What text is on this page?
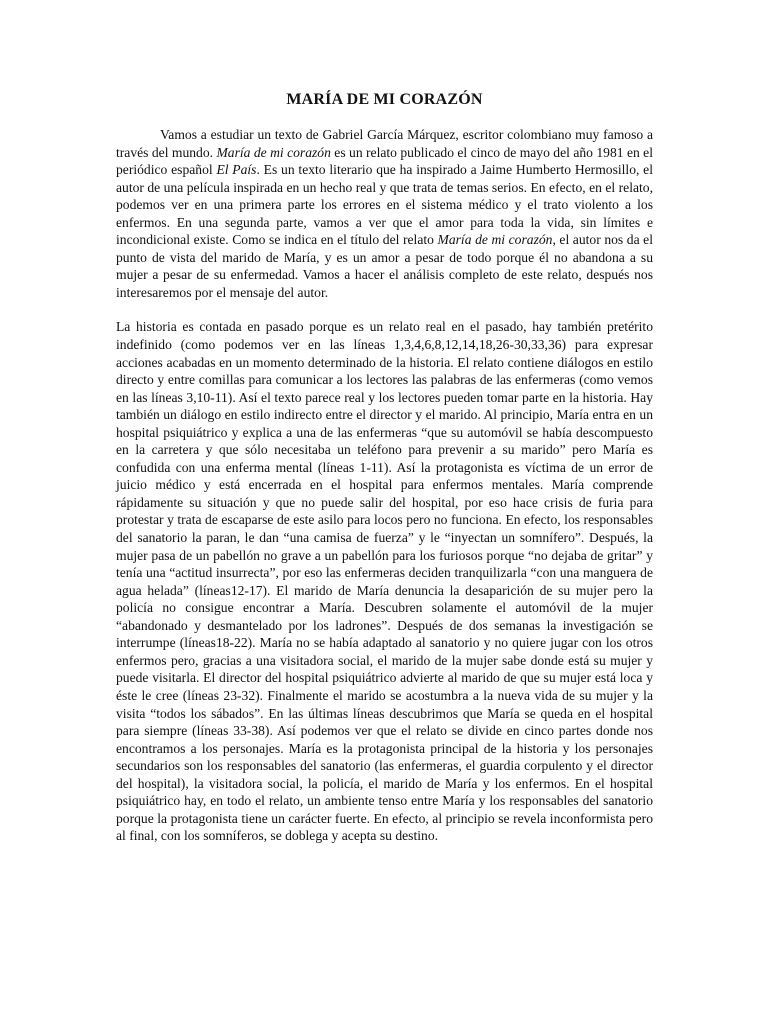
MARÍA DE MI CORAZÓN

Vamos a estudiar un texto de Gabriel García Márquez, escritor colombiano muy famoso a través del mundo. María de mi corazón es un relato publicado el cinco de mayo del año 1981 en el periódico español El País. Es un texto literario que ha inspirado a Jaime Humberto Hermosillo, el autor de una película inspirada en un hecho real y que trata de temas serios. En efecto, en el relato, podemos ver en una primera parte los errores en el sistema médico y el trato violento a los enfermos. En una segunda parte, vamos a ver que el amor para toda la vida, sin límites e incondicional existe. Como se indica en el título del relato María de mi corazón, el autor nos da el punto de vista del marido de María, y es un amor a pesar de todo porque él no abandona a su mujer a pesar de su enfermedad. Vamos a hacer el análisis completo de este relato, después nos interesaremos por el mensaje del autor.

La historia es contada en pasado porque es un relato real en el pasado, hay también pretérito indefinido (como podemos ver en las líneas 1,3,4,6,8,12,14,18,26-30,33,36) para expresar acciones acabadas en un momento determinado de la historia. El relato contiene diálogos en estilo directo y entre comillas para comunicar a los lectores las palabras de las enfermeras (como vemos en las líneas 3,10-11). Así el texto parece real y los lectores pueden tomar parte en la historia. Hay también un diálogo en estilo indirecto entre el director y el marido. Al principio, María entra en un hospital psiquiátrico y explica a una de las enfermeras “que su automóvil se había descompuesto en la carretera y que sólo necesitaba un teléfono para prevenir a su marido” pero María es confudida con una enferma mental (líneas 1-11). Así la protagonista es víctima de un error de juicio médico y está encerrada en el hospital para enfermos mentales. María comprende rápidamente su situación y que no puede salir del hospital, por eso hace crisis de furia para protestar y trata de escaparse de este asilo para locos pero no funciona. En efecto, los responsables del sanatorio la paran, le dan “una camisa de fuerza” y le “inyectan un somnífero”. Después, la mujer pasa de un pabellón no grave a un pabellón para los furiosos porque “no dejaba de gritar” y tenía una “actitud insurrecta”, por eso las enfermeras deciden tranquilizarla “con una manguera de agua helada” (líneas12-17). El marido de María denuncia la desaparición de su mujer pero la policía no consigue encontrar a María. Descubren solamente el automóvil de la mujer “abandonado y desmantelado por los ladrones”. Después de dos semanas la investigación se interrumpe (líneas18-22). María no se había adaptado al sanatorio y no quiere jugar con los otros enfermos pero, gracias a una visitadora social, el marido de la mujer sabe donde está su mujer y puede visitarla. El director del hospital psiquiátrico advierte al marido de que su mujer está loca y éste le cree (líneas 23-32). Finalmente el marido se acostumbra a la nueva vida de su mujer y la visita “todos los sábados”. En las últimas líneas descubrimos que María se queda en el hospital para siempre (líneas 33-38). Así podemos ver que el relato se divide en cinco partes donde nos encontramos a los personajes. María es la protagonista principal de la historia y los personajes secundarios son los responsables del sanatorio (las enfermeras, el guardia corpulento y el director del hospital), la visitadora social, la policía, el marido de María y los enfermos. En el hospital psiquiátrico hay, en todo el relato, un ambiente tenso entre María y los responsables del sanatorio porque la protagonista tiene un carácter fuerte. En efecto, al principio se revela inconformista pero al final, con los somníferos, se doblega y acepta su destino.
